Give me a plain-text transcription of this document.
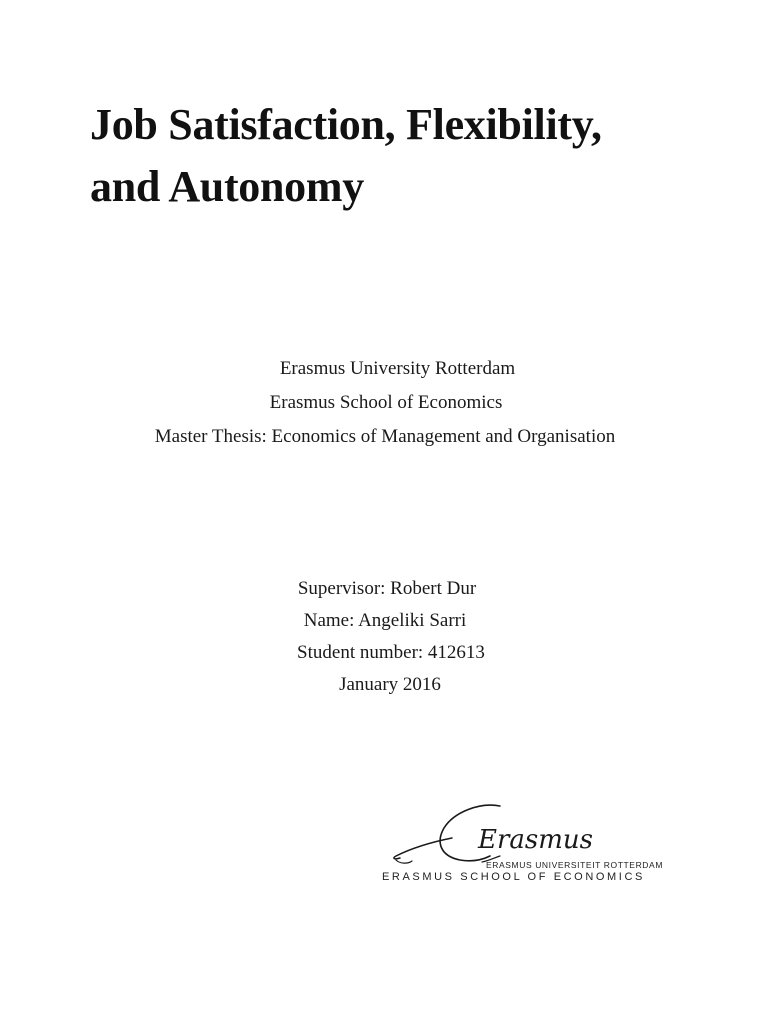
Job Satisfaction, Flexibility,
and Autonomy
Erasmus University Rotterdam
Erasmus School of Economics
Master Thesis: Economics of Management and Organisation
Supervisor: Robert Dur
Name: Angeliki Sarri
Student number: 412613
January 2016
Erasmus
ERASMUS UNIVERSITEIT ROTTERDAM
ERASMUS SCHOOL OF ECONOMICS
